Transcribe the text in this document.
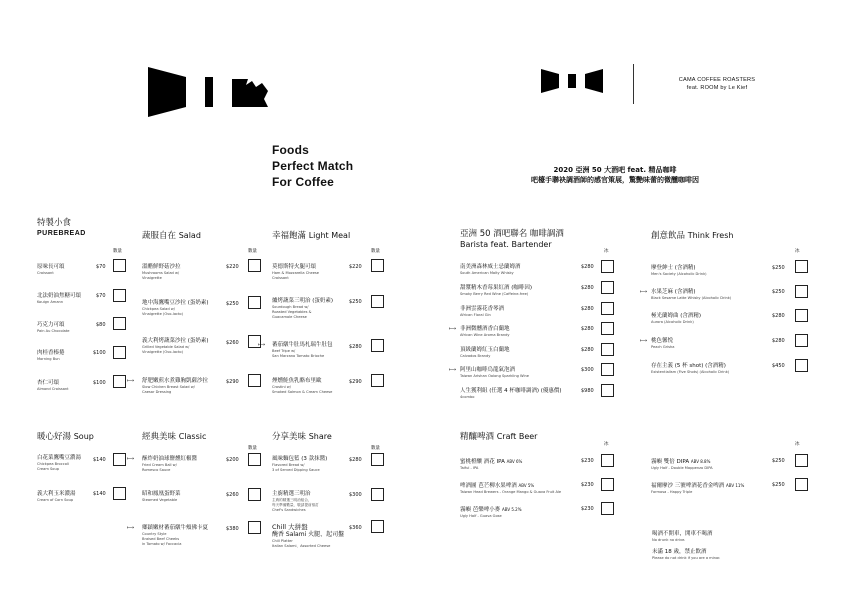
Foods
Perfect Match
For Coffee
CAMA COFFEE ROASTERS
feat. ROOM by Le Kief
2020 亞洲 50 大酒吧 feat. 精品咖啡
吧檯手聯袂調酒師的感官策展，驚艷味蕾的微醺咖啡因
特製小食
PUREBREAD
數量
原味長可頌
Croissant
$70
北法奶油焦糖可頌
Kouign Amann
$70
巧克力可頌
Pain Au Chocolate
$80
肉桂香榛捲
Morning Bun
$100
杏仁可頌
Almond Croissant
$100
蔬服自在 Salad
數量
溫醋鮮野菇沙拉
Mushrooms Salad w/
Vinaigrette
$220
地中海鷹嘴豆沙拉 (蛋奶素)
Chickpea Salad w/
Vinaigrette (Ovo-lacto)
$250
義大利烤蔬菜沙拉 (蛋奶素)
Grilled Vegetable Salad w/
Vinaigrette (Ovo-lacto)
$260
⟼ 舒肥嫩煎水煮雞胸凱薩沙拉
Slow Chicken Breast Salad w/
Caesar Dressing
$290
幸福飽滿 Light Meal
數量
莫德斯特火腿可頌
Ham & Mozzarella Cheese
Croissant
$220
爐烤蔬菜三明治 (蛋奶素)
Sourdough Bread w/
Roasted Vegetables &
Guacamole Cheese
$250
⟼ 蕃茄燉牛肚馬札瑞牛肚包
Beef Tripe w/
San Marzano Tomato Brioche
$280
煙燻鮭魚乳酪布里歐
Crostini w/
Smoked Salmon & Cream Cheese
$290
亞洲 50 酒吧聯名 咖啡調酒
Barista feat. Bartender
冰
南美洲森林威士忌蘭姆酒
South American Malty Whisky
$280
甜漿精木香莓果紅酒 (咖啡因)
Smoky Berry Red Wine (Caffeine-free)
$280
非洲雲霧花香琴酒
African Floral Gin
$280
⟼ 非洲微醺酒香白蘭地
African Wine Aroma Brandy
$280
頂級蘭姆紅玉白蘭地
Calvados Brandy
$280
⟼ 阿里山咖啡烏龍氣泡酒
Taiwan Arishan Oolong Sparkling Wine
$300
人生獲利組 (任選 4 杯咖啡調酒) (優惠價)
4combo
$980
創意飲品 Think Fresh
冰
摩登紳士 (含酒精)
Men's Society (Alcoholic Drink)
$250
⟼ 水果芝麻 (含酒精)
Black Sesame Latte Whisky (Alcoholic Drink)
$250
極光蘭姆曲 (含酒精)
Aurora (Alcoholic Drink)
$280
⟼ 桃色馨悦
Peach Grisha
$280
存在主義 (5 杯 shot) (含酒精)
Existentialism (Five Shots) (Alcoholic Drink)
$450
暖心好湯 Soup
白花菜鷹嘴豆濃湯
Chickpea Broccoli
Cream Soup
$140
義大利玉米濃湯
Cream of Corn Soup
$140
經典美味 Classic
數量
⟼ 酥炸奶油球鹽燻紅椒醬
Fried Cream Ball w/
Romesco Sauce
$200
昭和鳳凰蛋野菜
Steamed Vegetable
$260
⟼ 鄉鎮嫩材蕃茄燉牛頰佛卡夏
Country Style
Braised Beef Cheeks
in Tomato w/ Foccacia
$380
分享美味 Share
數量
風味麵包籃 (3 款抹醬)
Flavored Bread w/
3 of Served Dipping Sauce
$280
主廚精選三明治
主廚的精選三明治組合，
每天準備數量，敬請提前預訂
Chef's Sandwiches
$300
Chill 大拼盤
醃香 Salami 火腿、起司盤
Chill Platter
Italian Salami、Assorted Cheese
$360
精釀啤酒 Craft Beer
冰
蜜桃橙釀 酒花 IPA ABV 6%
Taiful - IPA
$230
啤酒圖 芭芒柳水果啤酒 ABV 5%
Taiwan Head Brewers - Orange Mango & Guava Fruit Ale
$230
霧嶼 芭樂啤小麥 ABV 5.2%
Ugly Half - Guava Gose
$230
冰
霧嶼 雙倍 DIPA ABV 8.8%
Ugly Half - Double Mappenzo DIPA
$250
福爾摩沙 三號啤酒花香金啤酒 ABV 11%
Formosa - Happy Triple
$250
喝酒不開車，開車不喝酒
No drunk no drive.
未滿 18 歲，禁止飲酒
Please do not drink if you are a minor.
